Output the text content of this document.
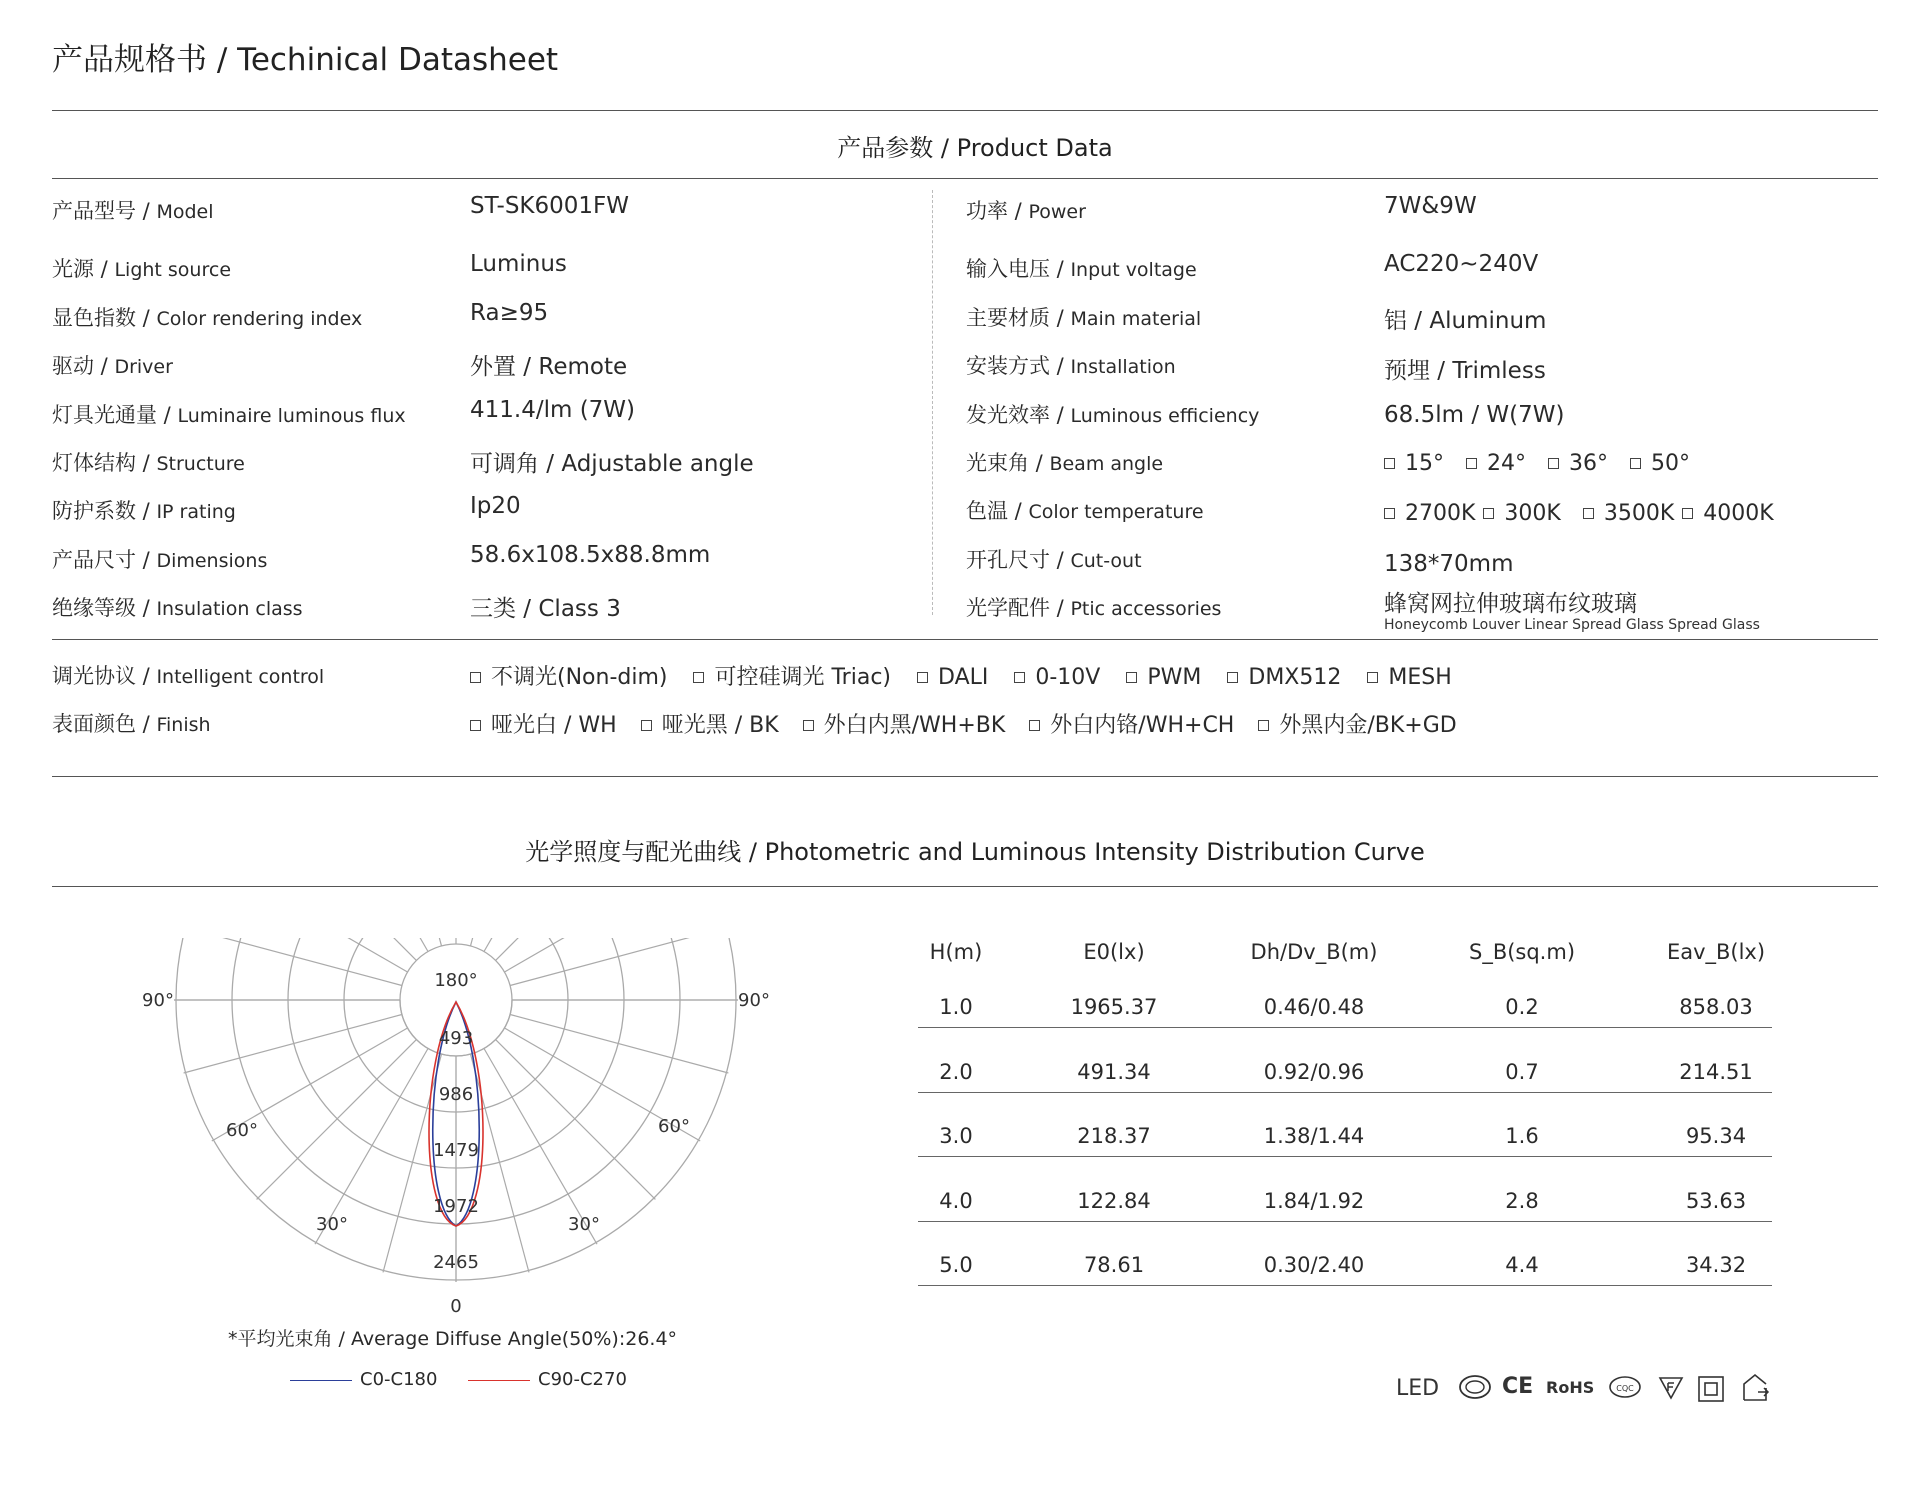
产品规格书 / Techinical Datasheet
产品参数 / Product Data
产品型号 / Model	ST-SK6001FW
光源 / Light source	Luminus
显色指数 / Color rendering index	Ra≥95
驱动 / Driver	外置 / Remote
灯具光通量 / Luminaire luminous flux	411.4/lm (7W)
灯体结构 / Structure	可调角 / Adjustable angle
防护系数 / IP rating	Ip20
产品尺寸 / Dimensions	58.6x108.5x88.8mm
绝缘等级 / Insulation class	三类 / Class 3
功率 / Power	7W&9W
输入电压 / Input voltage	AC220~240V
主要材质 / Main material	铝 / Aluminum
安装方式 / Installation	预埋 / Trimless
发光效率 / Luminous efficiency	68.5lm / W(7W)
光束角 / Beam angle	15° 24° 36° 50°
色温 / Color temperature	2700K 300K 3500K 4000K
开孔尺寸 / Cut-out	138*70mm
光学配件 / Ptic accessories	蜂窝网拉伸玻璃布纹玻璃
Honeycomb Louver Linear Spread Glass Spread Glass
调光协议 / Intelligent control	不调光(Non-dim) 可控硅调光 Triac) DALI 0-10V PWM DMX512 MESH
表面颜色 / Finish	哑光白 / WH 哑光黑 / BK 外白内黑/WH+BK 外白内铬/WH+CH 外黑内金/BK+GD
光学照度与配光曲线 / Photometric and Luminous Intensity Distribution Curve
180°
90°	90°
60°	60°
30°	30°
0
493
986
1479
1972
2465
*平均光束角 / Average Diffuse Angle(50%):26.4°
C0-C180	C90-C270
H(m)	E0(lx)	Dh/Dv_B(m)	S_B(sq.m)	Eav_B(lx)
1.0	1965.37	0.46/0.48	0.2	858.03
2.0	491.34	0.92/0.96	0.7	214.51
3.0	218.37	1.38/1.44	1.6	95.34
4.0	122.84	1.84/1.92	2.8	53.63
5.0	78.61	0.30/2.40	4.4	34.32
LED	CE RoHS	CQC
